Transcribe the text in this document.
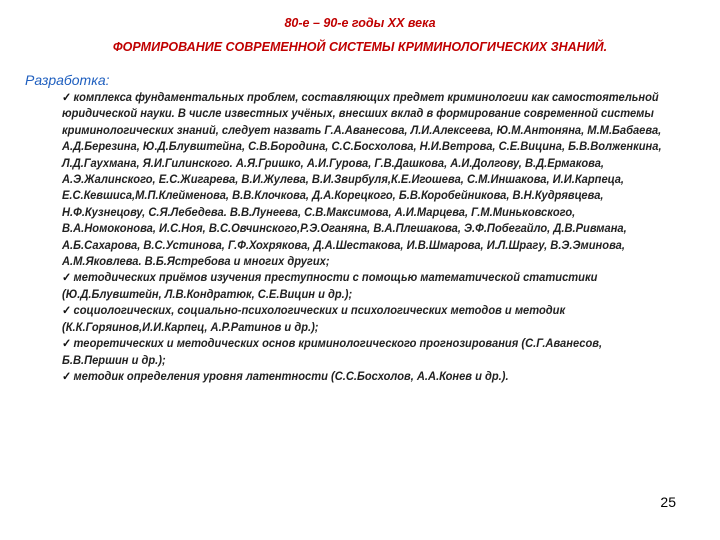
80-е – 90-е годы XX века
ФОРМИРОВАНИЕ СОВРЕМЕННОЙ СИСТЕМЫ КРИМИНОЛОГИЧЕСКИХ ЗНАНИЙ.
Разработка:

✓ комплекса фундаментальных проблем, составляющих предмет криминологии как самостоятельной юридической науки. В числе известных учёных, внесших вклад в формирование современной системы криминологических знаний, следует назвать Г.А.Аванесова, Л.И.Алексеева, Ю.М.Антоняна, М.М.Бабаева, А.Д.Березина, Ю.Д.Блувштейна, С.В.Бородина, С.С.Босхолова, Н.И.Ветрова, С.Е.Вицина, Б.В.Волженкина, Л.Д.Гаухмана, Я.И.Гилинского. А.Я.Гришко, А.И.Гурова, Г.В.Дашкова, А.И.Долгову, В.Д.Ермакова, А.Э.Жалинского, Е.С.Жигарева, В.И.Жулева, В.И.Звирбуля,К.Е.Игошева, С.М.Иншакова, И.И.Карпеца, Е.С.Кевшиса,М.П.Клейменова, В.В.Клочкова, Д.А.Корецкого, Б.В.Коробейникова, В.Н.Кудрявцева, Н.Ф.Кузнецову, С.Я.Лебедева. В.В.Лунеева, С.В.Максимова, А.И.Марцева, Г.М.Миньковского, В.А.Номоконова, И.С.Ноя, В.С.Овчинского,Р.Э.Оганяна, В.А.Плешакова, Э.Ф.Побегайло, Д.В.Ривмана, А.Б.Сахарова, В.С.Устинова, Г.Ф.Хохрякова, Д.А.Шестакова, И.В.Шмарова, И.Л.Шрагу, В.Э.Эминова, А.М.Яковлева. В.Б.Ястребова и многих других;

✓ методических приёмов изучения преступности с помощью математической статистики (Ю.Д.Блувштейн, Л.В.Кондратюк, С.Е.Вицин и др.);

✓ социологических, социально-психологических и психологических методов и методик (К.К.Горяинов,И.И.Карпец, А.Р.Ратинов и др.);

✓ теоретических и методических основ криминологического прогнозирования (С.Г.Аванесов, Б.В.Першин и др.);

✓ методик определения уровня латентности (С.С.Босхолов, А.А.Конев и др.).

25
